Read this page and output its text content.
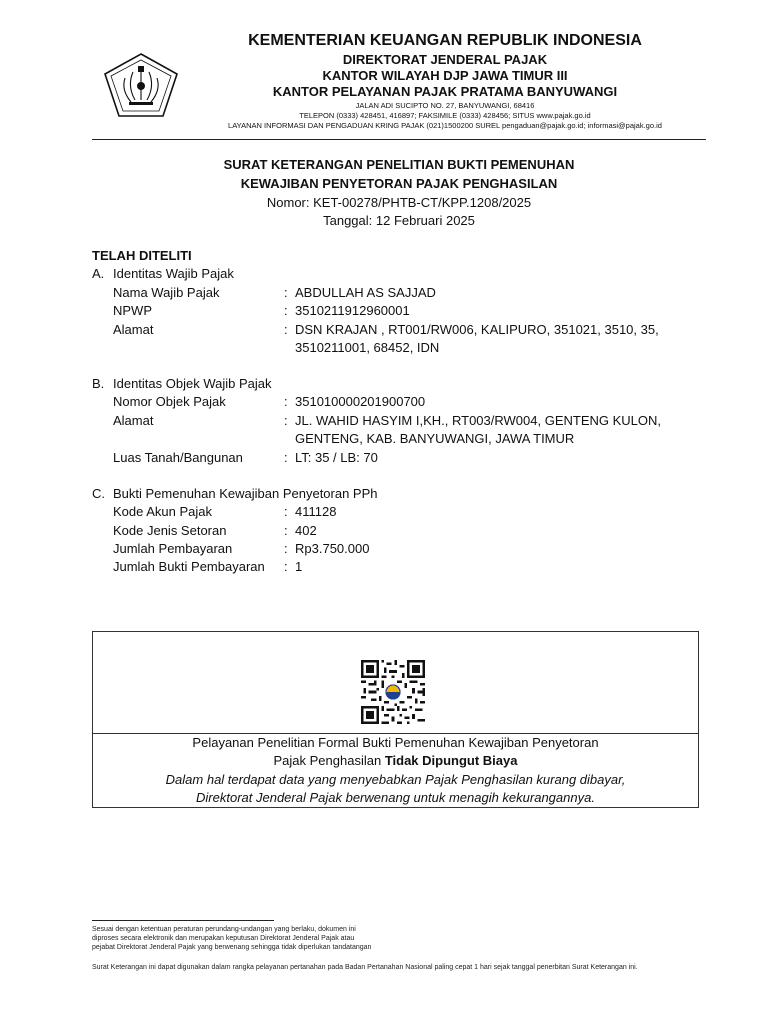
KEMENTERIAN KEUANGAN REPUBLIK INDONESIA
DIREKTORAT JENDERAL PAJAK
KANTOR WILAYAH DJP JAWA TIMUR III
KANTOR PELAYANAN PAJAK PRATAMA BANYUWANGI
JALAN ADI SUCIPTO NO. 27, BANYUWANGI, 68416
TELEPON (0333) 428451, 416897; FAKSIMILE (0333) 428456; SITUS www.pajak.go.id
LAYANAN INFORMASI DAN PENGADUAN KRING PAJAK (021)1500200 SUREL pengaduan@pajak.go.id; informasi@pajak.go.id
SURAT KETERANGAN PENELITIAN BUKTI PEMENUHAN
KEWAJIBAN PENYETORAN PAJAK PENGHASILAN
Nomor: KET-00278/PHTB-CT/KPP.1208/2025
Tanggal: 12 Februari 2025
TELAH DITELITI
A. Identitas Wajib Pajak
Nama Wajib Pajak	: ABDULLAH AS SAJJAD
NPWP	: 3510211912960001
Alamat	: DSN KRAJAN , RT001/RW006, KALIPURO, 351021, 3510, 35,
3510211001, 68452, IDN
B. Identitas Objek Wajib Pajak
Nomor Objek Pajak	: 351010000201900700
Alamat	: JL. WAHID HASYIM I,KH., RT003/RW004, GENTENG KULON,
GENTENG, KAB. BANYUWANGI, JAWA TIMUR
Luas Tanah/Bangunan	: LT: 35 / LB: 70
C. Bukti Pemenuhan Kewajiban Penyetoran PPh
Kode Akun Pajak	: 411128
Kode Jenis Setoran	: 402
Jumlah Pembayaran	: Rp3.750.000
Jumlah Bukti Pembayaran : 1
Pelayanan Penelitian Formal Bukti Pemenuhan Kewajiban Penyetoran
Pajak Penghasilan Tidak Dipungut Biaya
Dalam hal terdapat data yang menyebabkan Pajak Penghasilan kurang dibayar,
Direktorat Jenderal Pajak berwenang untuk menagih kekurangannya.
Sesuai dengan ketentuan peraturan perundang-undangan yang berlaku, dokumen ini
diproses secara elektronik dan merupakan keputusan Direktorat Jenderal Pajak atau
pejabat Direktorat Jenderal Pajak yang berwenang sehingga tidak diperlukan tandatangan
Surat Keterangan ini dapat digunakan dalam rangka pelayanan pertanahan pada Badan Pertanahan Nasional paling cepat 1 hari sejak tanggal penerbitan Surat Keterangan ini.
